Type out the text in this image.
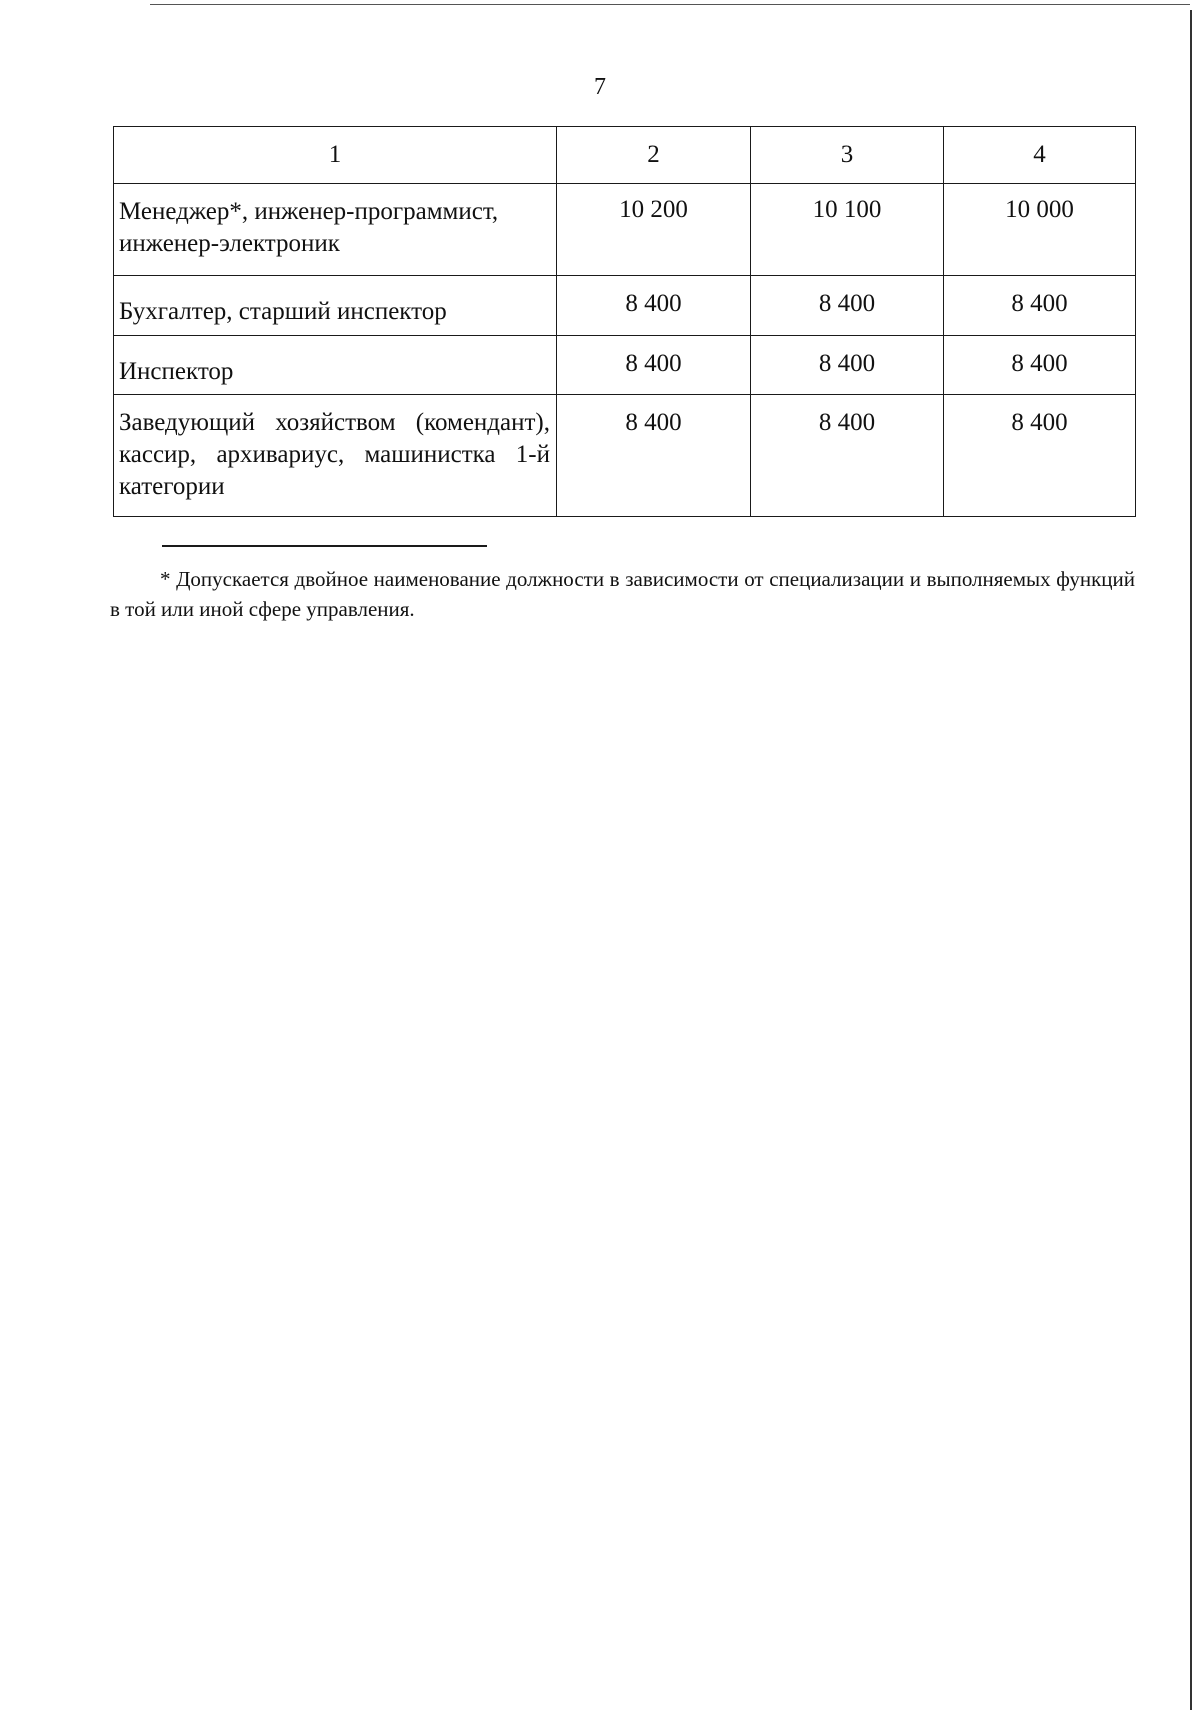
7
1	2	3	4
Менеджер*, инженер-программист, инженер-электроник	10 200	10 100	10 000
Бухгалтер, старший инспектор	8 400	8 400	8 400
Инспектор	8 400	8 400	8 400
Заведующий хозяйством (комендант), кассир, архивариус, машинистка 1-й категории	8 400	8 400	8 400
* Допускается двойное наименование должности в зависимости от специализации и выполняемых функций в той или иной сфере управления.
